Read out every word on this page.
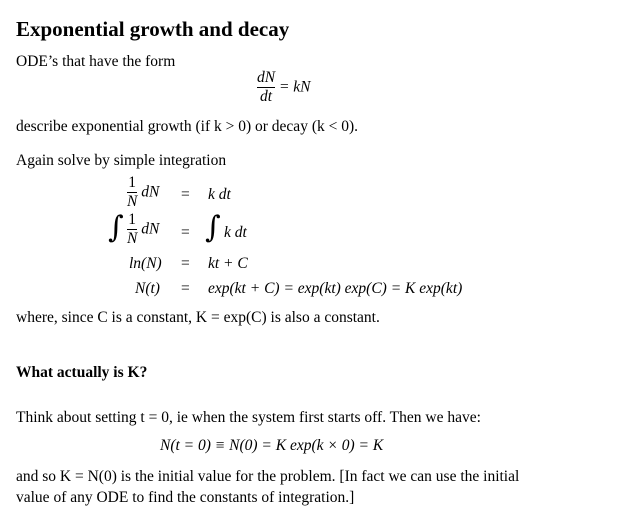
Exponential growth and decay
ODE’s that have the form
$\frac{dN}{dt}$ = kN
describe exponential growth (if k > 0) or decay (k < 0).
Again solve by simple integration
$\frac{1}{N}$ dN = k dt
∫ $\frac{1}{N}$ dN = ∫ k dt
ln(N) = kt + C
N(t) = exp(kt + C) = exp(kt) exp(C) = K exp(kt)
where, since C is a constant, K = exp(C) is also a constant.
What actually is K?
Think about setting t = 0, ie when the system first starts off. Then we have:
N(t = 0) ≡ N(0) = K exp(k × 0) = K
and so K = N(0) is the initial value for the problem. [In fact we can use the initial
value of any ODE to find the constants of integration.]
